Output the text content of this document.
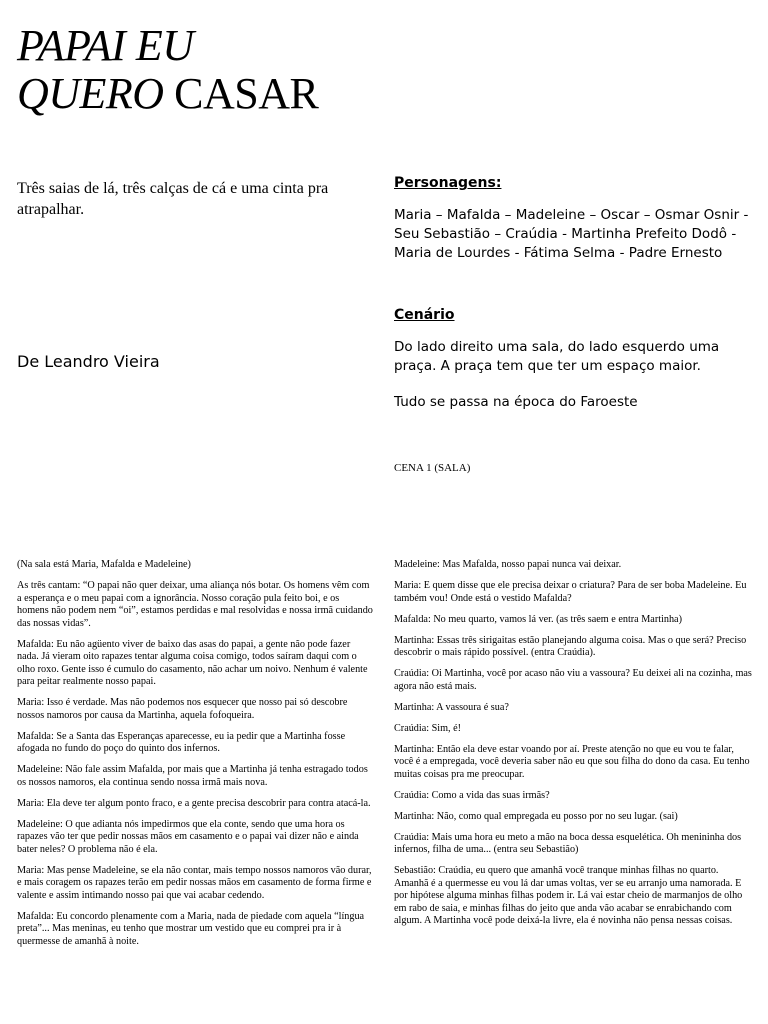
PAPAI EU
QUERO CASAR

Três saias de lá, três calças de cá e uma cinta pra atrapalhar.

De Leandro Vieira

Personagens:

Maria – Mafalda – Madeleine – Oscar – Osmar Osnir - Seu Sebastião – Craúdia - Martinha Prefeito Dodô - Maria de Lourdes - Fátima Selma - Padre Ernesto

Cenário

Do lado direito uma sala, do lado esquerdo uma praça. A praça tem que ter um espaço maior.

Tudo se passa na época do Faroeste

CENA 1 (SALA)

(Na sala está Maria, Mafalda e Madeleine)

As três cantam: “O papai não quer deixar, uma aliança nós botar. Os homens vêm com a esperança e o meu papai com a ignorância. Nosso coração pula feito boi, e os homens não podem nem “oi”, estamos perdidas e mal resolvidas e nossa irmã cuidando das nossas vidas”.

Mafalda: Eu não agüento viver de baixo das asas do papai, a gente não pode fazer nada. Já vieram oito rapazes tentar alguma coisa comigo, todos saíram daqui com o olho roxo. Gente isso é cumulo do casamento, não achar um noivo. Nenhum é valente para peitar realmente nosso papai.

Maria: Isso é verdade. Mas não podemos nos esquecer que nosso pai só descobre nossos namoros por causa da Martinha, aquela fofoqueira.

Mafalda: Se a Santa das Esperanças aparecesse, eu ia pedir que a Martinha fosse afogada no fundo do poço do quinto dos infernos.

Madeleine: Não fale assim Mafalda, por mais que a Martinha já tenha estragado todos os nossos namoros, ela continua sendo nossa irmã mais nova.

Maria: Ela deve ter algum ponto fraco, e a gente precisa descobrir para contra atacá-la.

Madeleine: O que adianta nós impedirmos que ela conte, sendo que uma hora os rapazes vão ter que pedir nossas mãos em casamento e o papai vai dizer não e ainda bater neles? O problema não é ela.

Maria: Mas pense Madeleine, se ela não contar, mais tempo nossos namoros vão durar, e mais coragem os rapazes terão em pedir nossas mãos em casamento de forma firme e valente e assim intimando nosso pai que vai acabar cedendo.

Mafalda: Eu concordo plenamente com a Maria, nada de piedade com aquela “língua preta”... Mas meninas, eu tenho que mostrar um vestido que eu comprei pra ir à quermesse de amanhã à noite.

Madeleine: Mas Mafalda, nosso papai nunca vai deixar.

Maria: E quem disse que ele precisa deixar o criatura? Para de ser boba Madeleine. Eu também vou! Onde está o vestido Mafalda?

Mafalda: No meu quarto, vamos lá ver. (as três saem e entra Martinha)

Martinha: Essas três sirigaitas estão planejando alguma coisa. Mas o que será? Preciso descobrir o mais rápido possível. (entra Craúdia).

Craúdia: Oi Martinha, você por acaso não viu a vassoura? Eu deixei ali na cozinha, mas agora não está mais.

Martinha: A vassoura é sua?

Craúdia: Sim, é!

Martinha: Então ela deve estar voando por aí. Preste atenção no que eu vou te falar, você é a empregada, você deveria saber não eu que sou filha do dono da casa. Eu tenho muitas coisas pra me preocupar.

Craúdia: Como a vida das suas irmãs?

Martinha: Não, como qual empregada eu posso por no seu lugar. (sai)

Craúdia: Mais uma hora eu meto a mão na boca dessa esquelética. Oh menininha dos infernos, filha de uma... (entra seu Sebastião)

Sebastião: Craúdia, eu quero que amanhã você tranque minhas filhas no quarto. Amanhã é a quermesse eu vou lá dar umas voltas, ver se eu arranjo uma namorada. E por hipótese alguma minhas filhas podem ir. Lá vai estar cheio de marmanjos de olho em rabo de saia, e minhas filhas do jeito que anda vão acabar se enrabichando com algum. A Martinha você pode deixá-la livre, ela é novinha não pensa nessas coisas.
